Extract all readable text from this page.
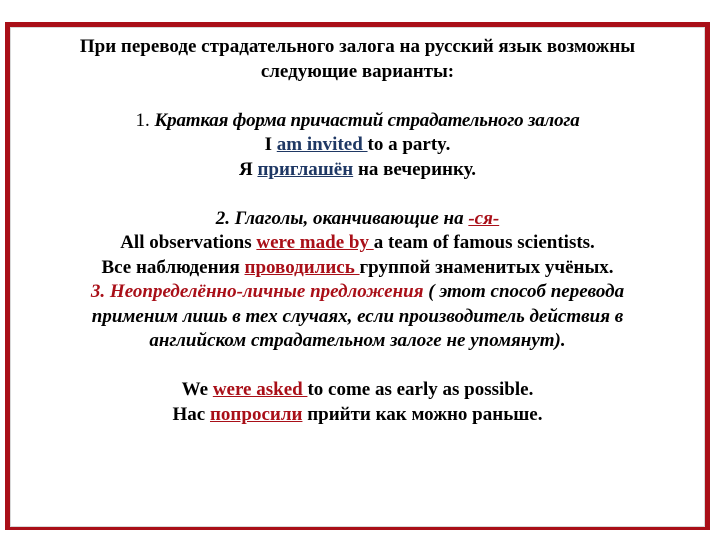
При переводе страдательного залога на русский язык возможны

следующие варианты:

1. Краткая форма причастий страдательного залога

I am invited to a party.

Я приглашён на вечеринку.

2. Глаголы, оканчивающие на -ся-

All observations were made by a team of famous scientists.

Все наблюдения проводились группой знаменитых учёных.

3. Неопределённо-личные предложения ( этот способ перевода

применим лишь в тех случаях, если производитель действия в

английском страдательном залоге не упомянут).

We were asked to come as early as possible.

Нас попросили прийти как можно раньше.
